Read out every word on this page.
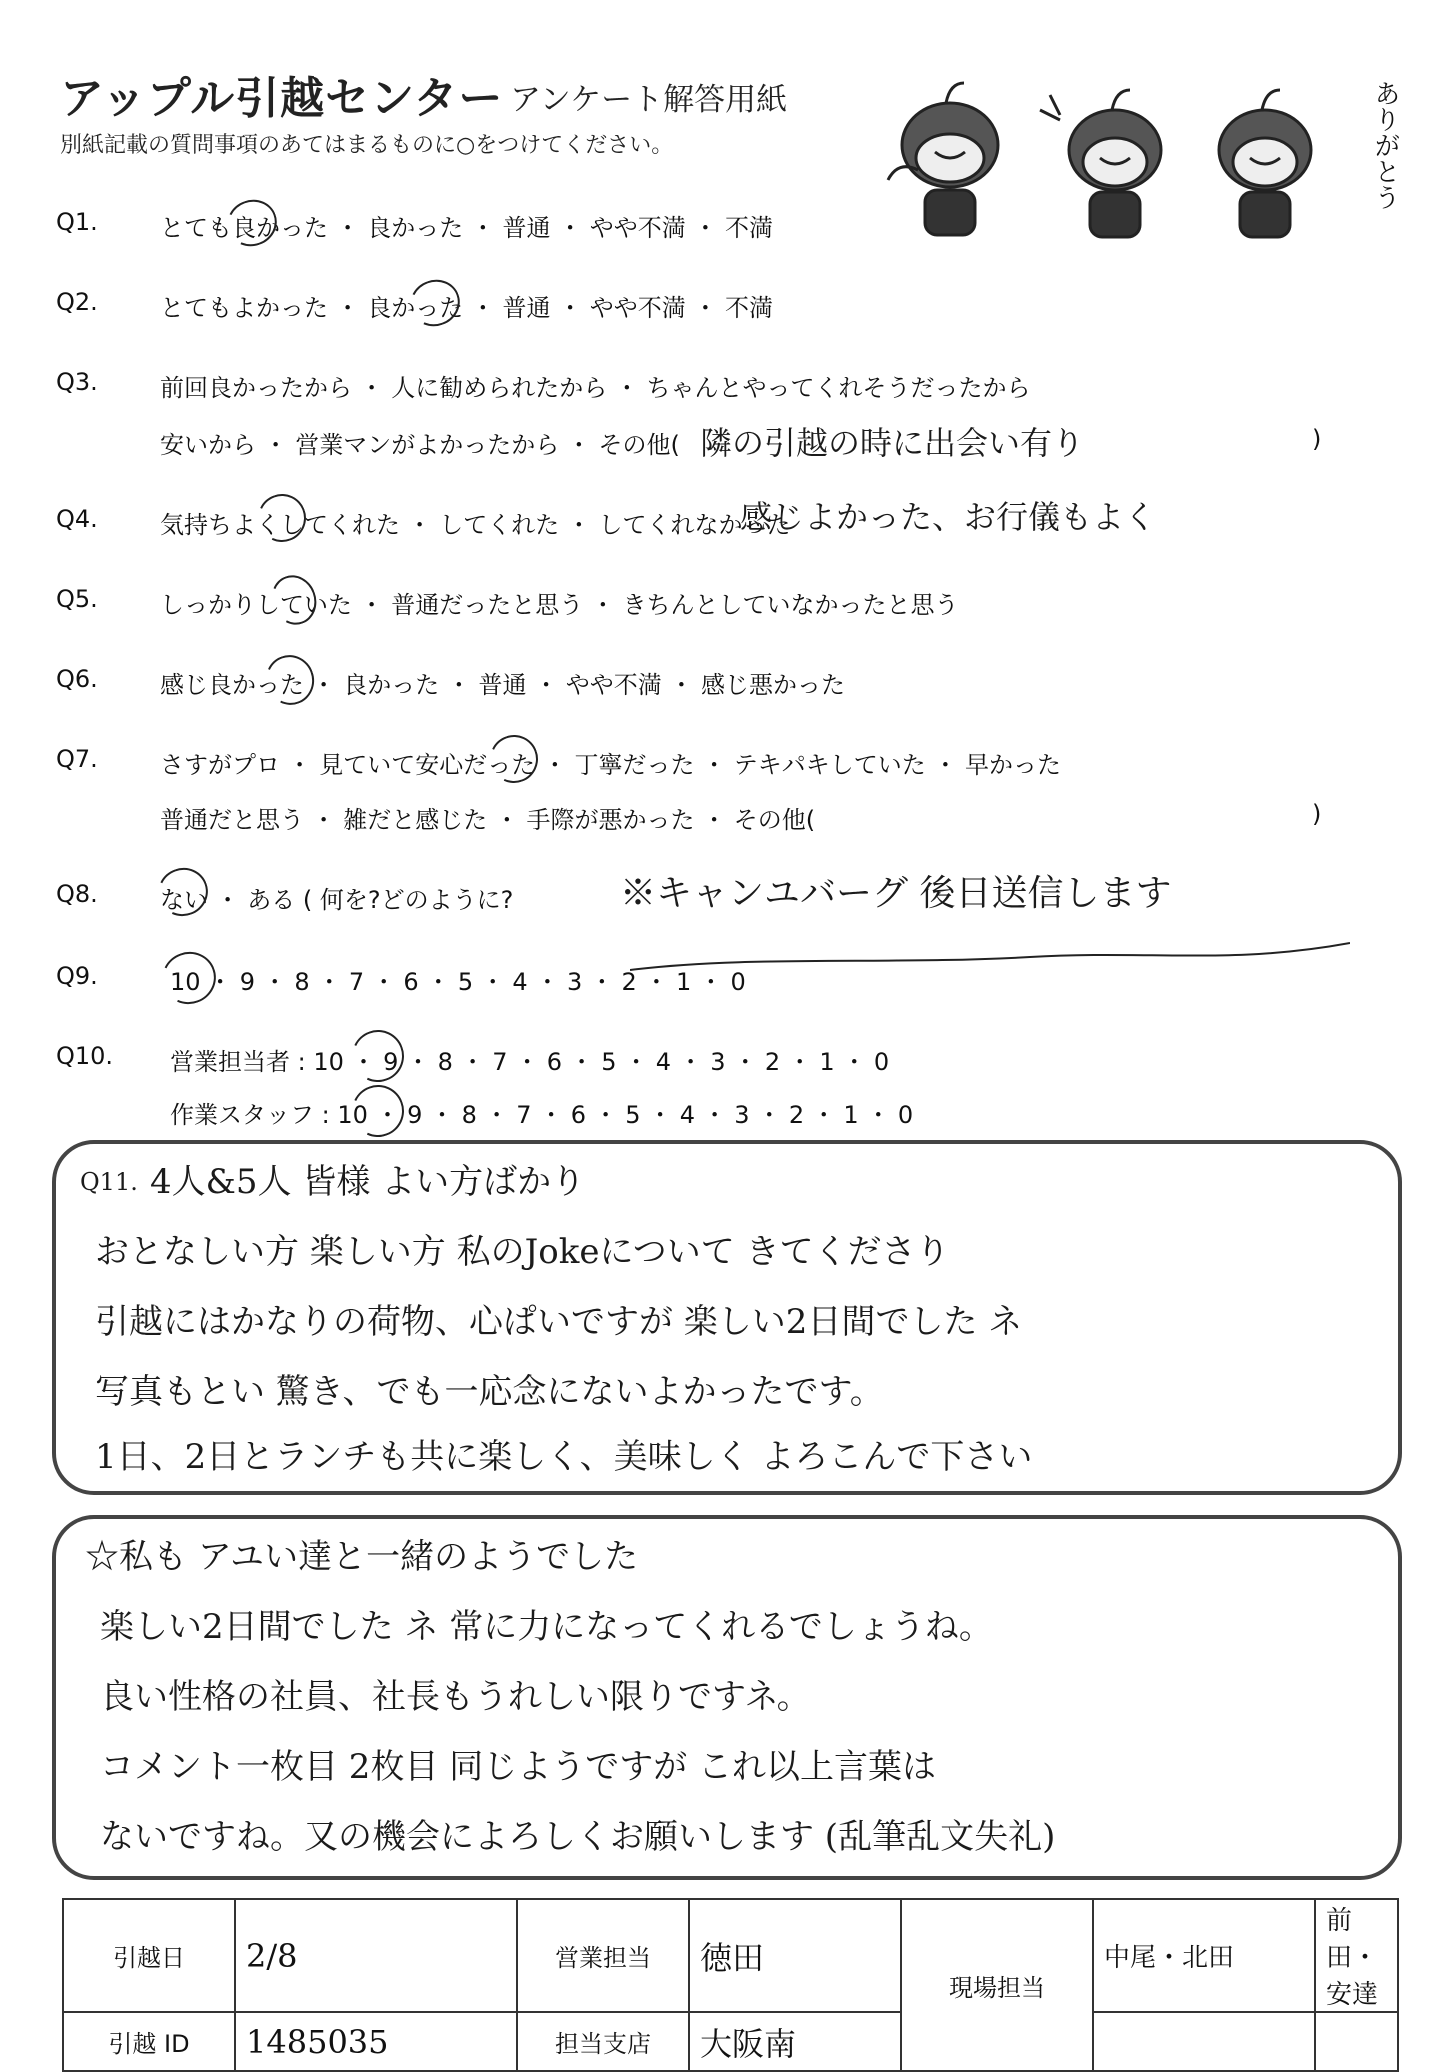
アップル引越センター アンケート解答用紙
別紙記載の質問事項のあてはまるものに○をつけてください。	ありがとう
Q1.	とても良かった ・ 良かった ・ 普通 ・ やや不満 ・ 不満
Q2.	とてもよかった ・ 良かった ・ 普通 ・ やや不満 ・ 不満
Q3.	前回良かったから ・ 人に勧められたから ・ ちゃんとやってくれそうだったから
安いから ・ 営業マンがよかったから ・ その他(	)
隣の引越の時に出会い有り
Q4.	気持ちよくしてくれた ・ してくれた ・ してくれなかった
感じよかった、お行儀もよく
Q5.	しっかりしていた ・ 普通だったと思う ・ きちんとしていなかったと思う
Q6.	感じ良かった ・ 良かった ・ 普通 ・ やや不満 ・ 感じ悪かった
Q7.	さすがプロ ・ 見ていて安心だった ・ 丁寧だった ・ テキパキしていた ・ 早かった
普通だと思う ・ 雑だと感じた ・ 手際が悪かった ・ その他(	)
Q8.	ない ・ ある ( 何を?どのように?	※キャンユバーグ 後日送信します
Q9.	10 ・ 9 ・ 8 ・ 7 ・ 6 ・ 5 ・ 4 ・ 3 ・ 2 ・ 1 ・ 0
Q10. 営業担当者 : 10 ・ 9 ・ 8 ・ 7 ・ 6 ・ 5 ・ 4 ・ 3 ・ 2 ・ 1 ・ 0
作業スタッフ : 10 ・ 9 ・ 8 ・ 7 ・ 6 ・ 5 ・ 4 ・ 3 ・ 2 ・ 1 ・ 0
Q11. 4人&5人 皆様 よい方ばかり
おとなしい方 楽しい方 私のJokeについて きてくださり
引越にはかなりの荷物、心ぱいですが 楽しい2日間でした ネ
写真もとい 驚き、でも一応念にないよかったです。
1日、2日とランチも共に楽しく、美味しく よろこんで下さい
☆私も アユい達と一緒のようでした
楽しい2日間でした ネ 常に力になってくれるでしょうね。
良い性格の社員、社長もうれしい限りですネ。
コメント一枚目 2枚目 同じようですが これ以上言葉は
ないですね。又の機会によろしくお願いします (乱筆乱文失礼)
引越日	2/8	営業担当	徳田	現場担当	中尾・北田	前田・安達
引越 ID	1485035	担当支店	大阪南			
